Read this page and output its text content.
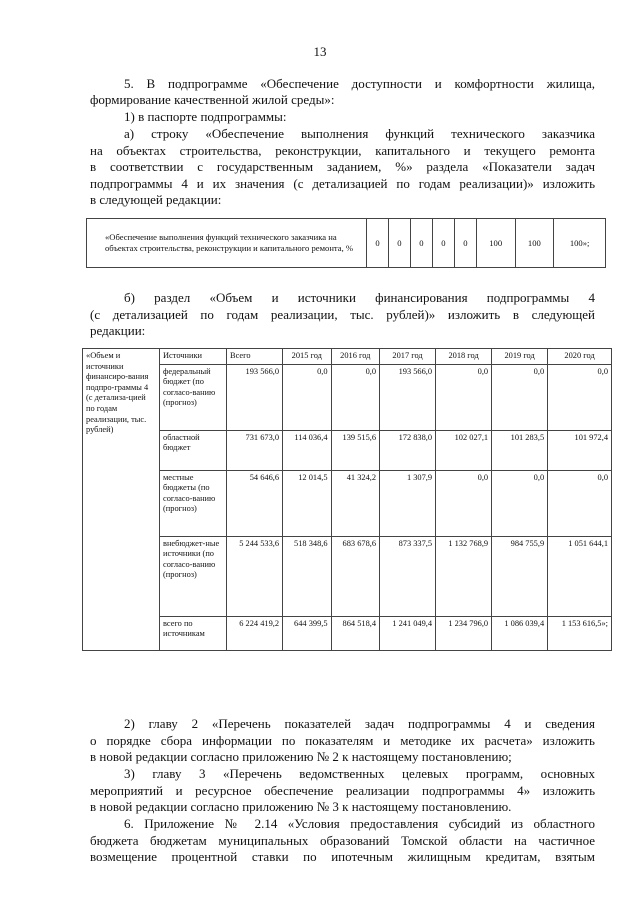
13

5. В подпрограмме «Обеспечение доступности и комфортности жилища,

формирование качественной жилой среды»:

1) в паспорте подпрограммы:

а) строку «Обеспечение выполнения функций технического заказчика

на объектах строительства, реконструкции, капитального и текущего ремонта

в соответствии с государственным заданием, %» раздела «Показатели задач

подпрограммы 4 и их значения (с детализацией по годам реализации)» изложить

в следующей редакции:

«Обеспечение выполнения функций технического заказчика на объектах строительства, реконструкции и капитального ремонта, %	0	0	0	0	0	100	100	100»;

б) раздел «Объем и источники финансирования подпрограммы 4

(с детализацией по годам реализации, тыс. рублей)» изложить в следующей

редакции:

«Объем и источники финансиро-вания подпро-граммы 4 (с детализа-цией по годам реализации, тыс. рублей)	Источники	Всего	2015 год	2016 год	2017 год	2018 год	2019 год	2020 год
	федеральный бюджет (по согласо-ванию (прогноз)	193 566,0	0,0	0,0	193 566,0	0,0	0,0	0,0
	областной бюджет	731 673,0	114 036,4	139 515,6	172 838,0	102 027,1	101 283,5	101 972,4
	местные бюджеты (по согласо-ванию (прогноз)	54 646,6	12 014,5	41 324,2	1 307,9	0,0	0,0	0,0
	внебюджет-ные источники (по согласо-ванию (прогноз)	5 244 533,6	518 348,6	683 678,6	873 337,5	1 132 768,9	984 755,9	1 051 644,1
	всего по источникам	6 224 419,2	644 399,5	864 518,4	1 241 049,4	1 234 796,0	1 086 039,4	1 153 616,5»;

2) главу 2 «Перечень показателей задач подпрограммы 4 и сведения

о порядке сбора информации по показателям и методике их расчета» изложить

в новой редакции согласно приложению № 2 к настоящему постановлению;

3) главу 3 «Перечень ведомственных целевых программ, основных

мероприятий и ресурсное обеспечение реализации подпрограммы 4» изложить

в новой редакции согласно приложению № 3 к настоящему постановлению.

6. Приложение № 2.14 «Условия предоставления субсидий из областного

бюджета бюджетам муниципальных образований Томской области на частичное

возмещение процентной ставки по ипотечным жилищным кредитам, взятым
